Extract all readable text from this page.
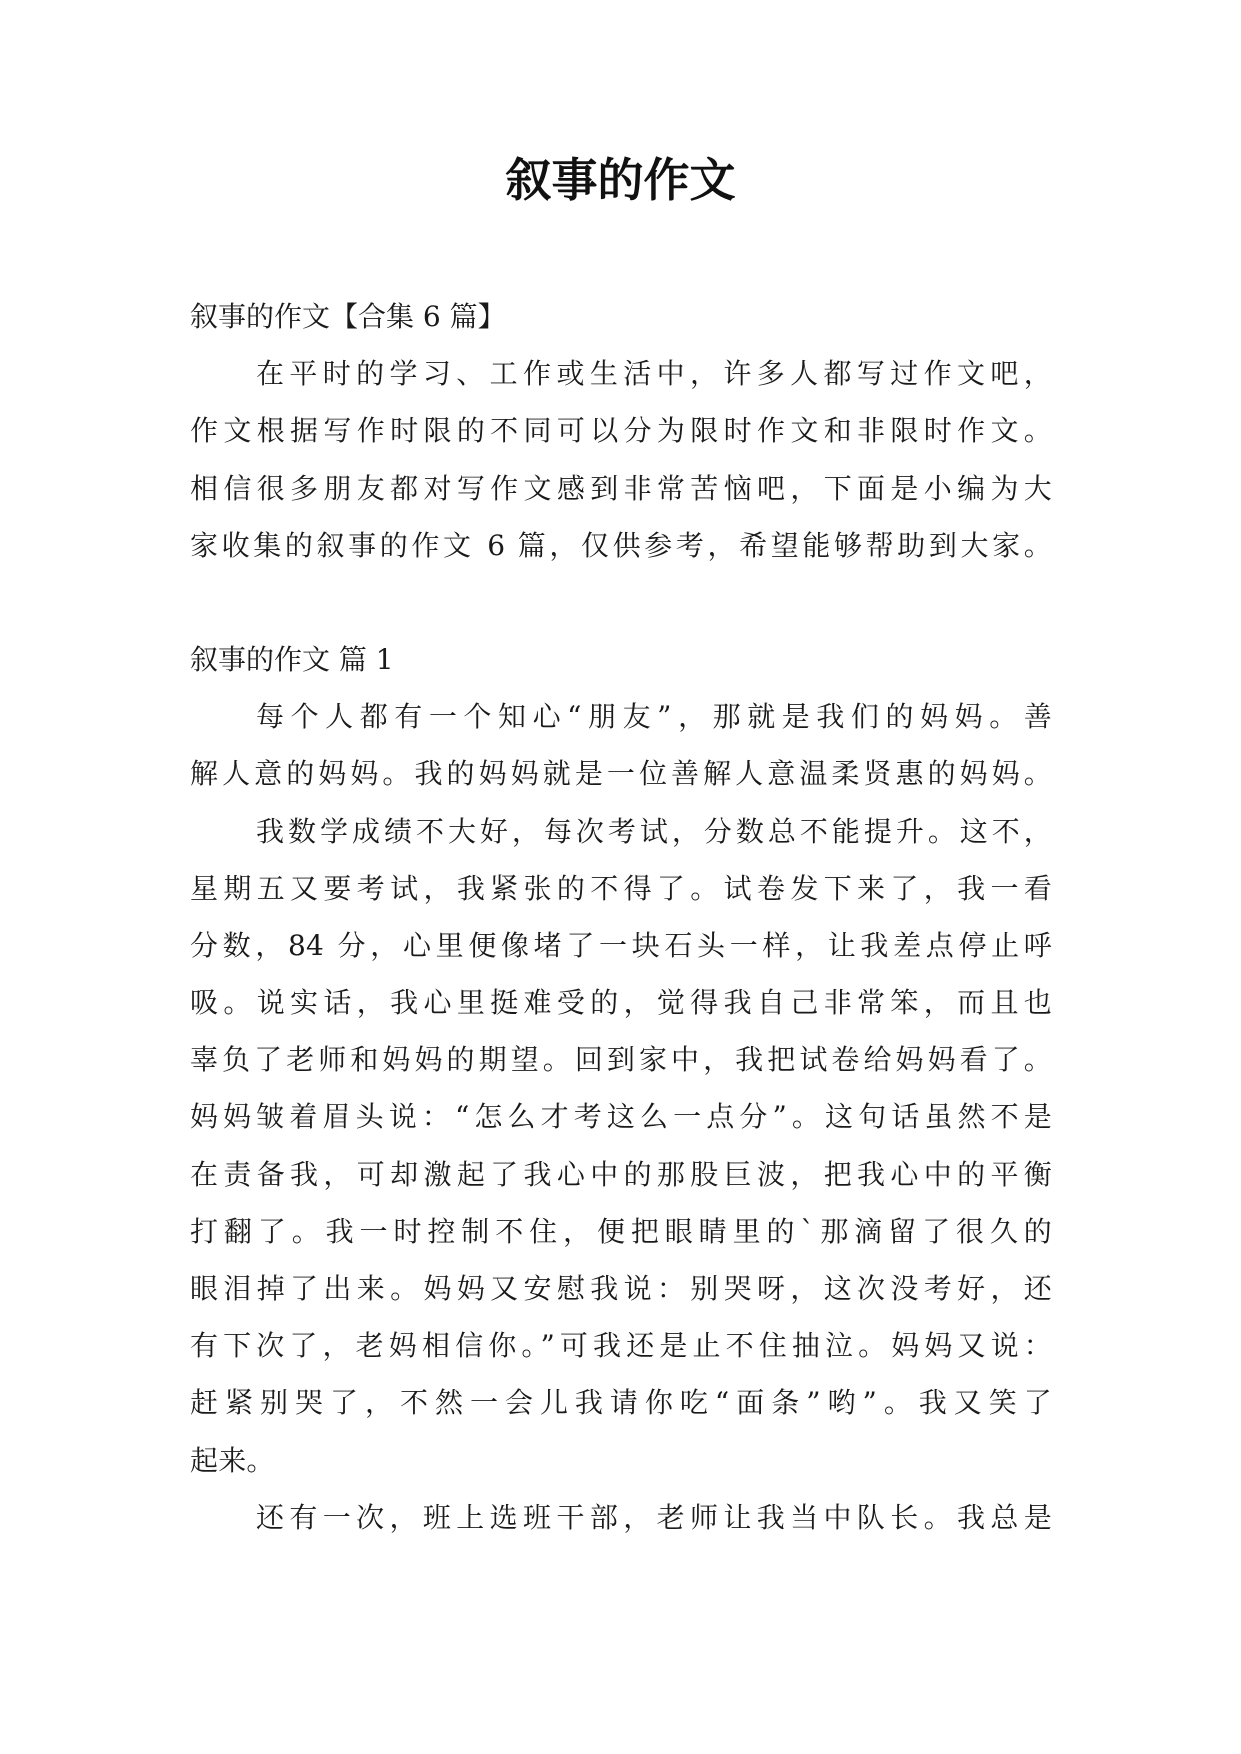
叙事的作文
叙事的作文【合集 6 篇】
在平时的学习、工作或生活中，许多人都写过作文吧，
作文根据写作时限的不同可以分为限时作文和非限时作文。
相信很多朋友都对写作文感到非常苦恼吧，下面是小编为大
家收集的叙事的作文 6 篇，仅供参考，希望能够帮助到大家。
叙事的作文 篇 1
每个人都有一个知心“朋友”，那就是我们的妈妈。善
解人意的妈妈。我的妈妈就是一位善解人意温柔贤惠的妈妈。
我数学成绩不大好，每次考试，分数总不能提升。这不，
星期五又要考试，我紧张的不得了。试卷发下来了，我一看
分数，84 分，心里便像堵了一块石头一样，让我差点停止呼
吸。说实话，我心里挺难受的，觉得我自己非常笨，而且也
辜负了老师和妈妈的期望。回到家中，我把试卷给妈妈看了。
妈妈皱着眉头说：“怎么才考这么一点分”。这句话虽然不是
在责备我，可却激起了我心中的那股巨波，把我心中的平衡
打翻了。我一时控制不住，便把眼睛里的`那滴留了很久的
眼泪掉了出来。妈妈又安慰我说：别哭呀，这次没考好，还
有下次了，老妈相信你。”可我还是止不住抽泣。妈妈又说：
赶紧别哭了，不然一会儿我请你吃“面条”哟”。我又笑了
起来。
还有一次，班上选班干部，老师让我当中队长。我总是
